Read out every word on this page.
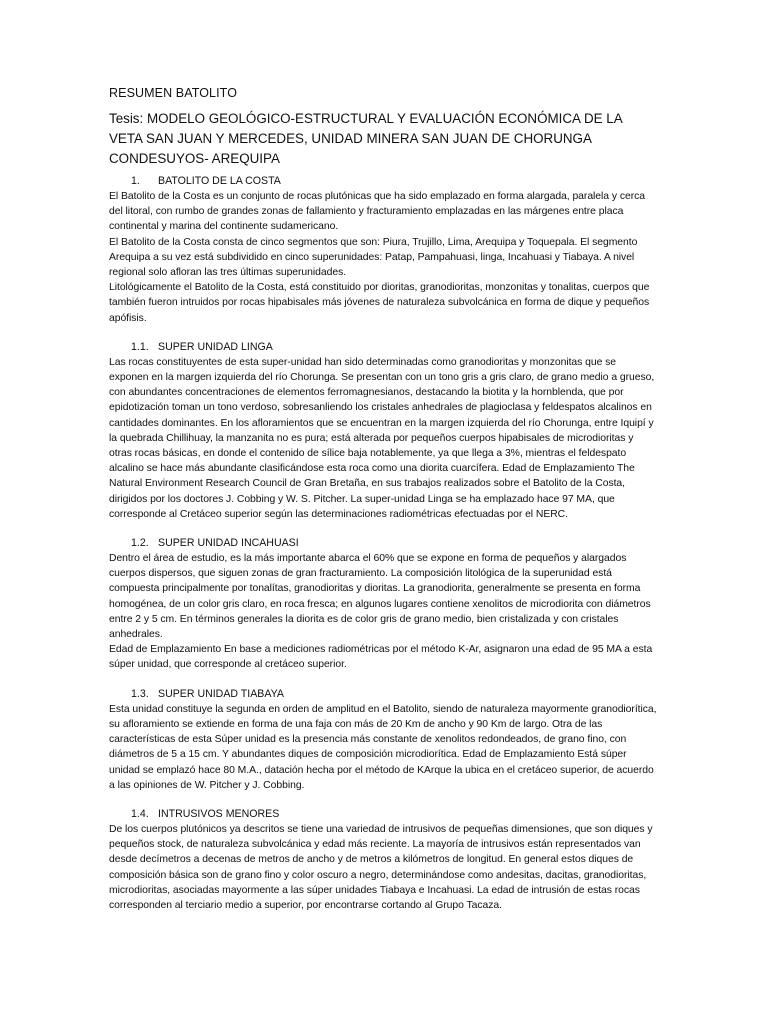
RESUMEN BATOLITO
Tesis: MODELO GEOLÓGICO-ESTRUCTURAL Y EVALUACIÓN ECONÓMICA DE LA VETA SAN JUAN Y MERCEDES, UNIDAD MINERA SAN JUAN DE CHORUNGA CONDESUYOS- AREQUIPA
1. BATOLITO DE LA COSTA

El Batolito de la Costa es un conjunto de rocas plutónicas que ha sido emplazado en forma alargada, paralela y cerca del litoral, con rumbo de grandes zonas de fallamiento y fracturamiento emplazadas en las márgenes entre placa continental y marina del continente sudamericano.

El Batolito de la Costa consta de cinco segmentos que son: Piura, Trujillo, Lima, Arequipa y Toquepala. El segmento Arequipa a su vez está subdividido en cinco superunidades: Patap, Pampahuasi, linga, Incahuasi y Tiabaya. A nivel regional solo afloran las tres últimas superunidades.

Litológicamente el Batolito de la Costa, está constituido por dioritas, granodioritas, monzonitas y tonalitas, cuerpos que también fueron intruidos por rocas hipabisales más jóvenes de naturaleza subvolcánica en forma de dique y pequeños apófisis.

1.1. SUPER UNIDAD LINGA

Las rocas constituyentes de esta super-unidad han sido determinadas como granodioritas y monzonitas que se exponen en la margen izquierda del río Chorunga. Se presentan con un tono gris a gris claro, de grano medio a grueso, con abundantes concentraciones de elementos ferromagnesianos, destacando la biotita y la hornblenda, que por epidotización toman un tono verdoso, sobresanliendo los cristales anhedrales de plagioclasa y feldespatos alcalinos en cantidades dominantes. En los afloramientos que se encuentran en la margen izquierda del río Chorunga, entre Iquipí y la quebrada Chillihuay, la manzanita no es pura; está alterada por pequeños cuerpos hipabisales de microdioritas y otras rocas básicas, en donde el contenido de sílice baja notablemente, ya que llega a 3%, mientras el feldespato alcalino se hace más abundante clasificándose esta roca como una diorita cuarcífera. Edad de Emplazamiento The Natural Environment Research Council de Gran Bretaña, en sus trabajos realizados sobre el Batolito de la Costa, dirigidos por los doctores J. Cobbing y W. S. Pitcher. La super-unidad Linga se ha emplazado hace 97 MA, que corresponde al Cretáceo superior según las determinaciones radiométricas efectuadas por el NERC.

1.2. SUPER UNIDAD INCAHUASI

Dentro el área de estudio, es la más importante abarca el 60% que se expone en forma de pequeños y alargados cuerpos dispersos, que siguen zonas de gran fracturamiento. La composición litológica de la superunidad está compuesta principalmente por tonalítas, granodioritas y dioritas. La granodiorita, generalmente se presenta en forma homogénea, de un color gris claro, en roca fresca; en algunos lugares contiene xenolitos de microdiorita con diámetros entre 2 y 5 cm. En términos generales la diorita es de color gris de grano medio, bien cristalizada y con cristales anhedrales.

Edad de Emplazamiento En base a mediciones radiométricas por el método K-Ar, asignaron una edad de 95 MA a esta súper unidad, que corresponde al cretáceo superior.

1.3. SUPER UNIDAD TIABAYA

Esta unidad constituye la segunda en orden de amplitud en el Batolito, siendo de naturaleza mayormente granodiorítica, su afloramiento se extiende en forma de una faja con más de 20 Km de ancho y 90 Km de largo. Otra de las características de esta Súper unidad es la presencia más constante de xenolitos redondeados, de grano fino, con diámetros de 5 a 15 cm. Y abundantes diques de composición microdiorítica. Edad de Emplazamiento Está súper unidad se emplazó hace 80 M.A., datación hecha por el método de KArque la ubica en el cretáceo superior, de acuerdo a las opiniones de W. Pitcher y J. Cobbing.

1.4. INTRUSIVOS MENORES

De los cuerpos plutónicos ya descritos se tiene una variedad de intrusivos de pequeñas dimensiones, que son diques y pequeños stock, de naturaleza subvolcánica y edad más reciente. La mayoría de intrusivos están representados van desde decímetros a decenas de metros de ancho y de metros a kilómetros de longitud. En general estos diques de composición básica son de grano fino y color oscuro a negro, determinándose como andesitas, dacitas, granodioritas, microdioritas, asociadas mayormente a las súper unidades Tiabaya e Incahuasi. La edad de intrusión de estas rocas corresponden al terciario medio a superior, por encontrarse cortando al Grupo Tacaza.
